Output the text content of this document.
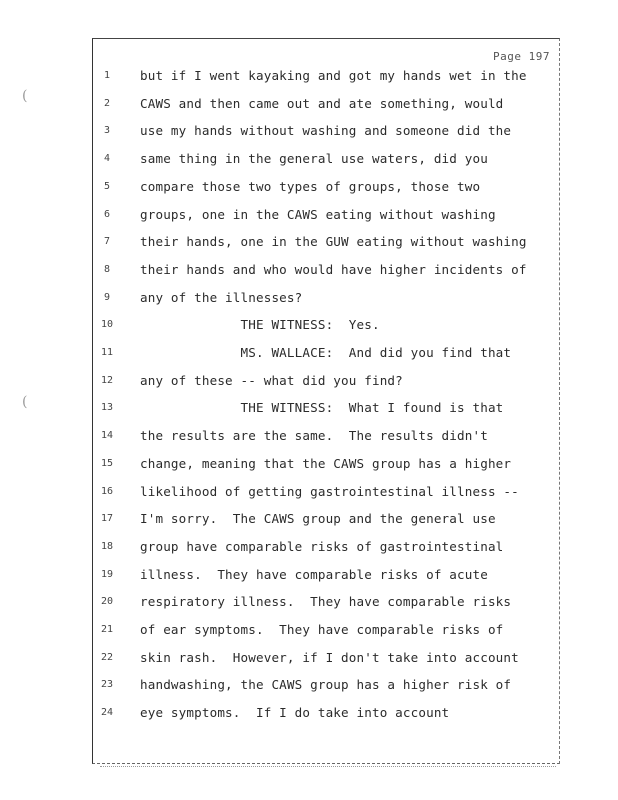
(
(
Page 197
1	but if I went kayaking and got my hands wet in the
2	CAWS and then came out and ate something, would
3	use my hands without washing and someone did the
4	same thing in the general use waters, did you
5	compare those two types of groups, those two
6	groups, one in the CAWS eating without washing
7	their hands, one in the GUW eating without washing
8	their hands and who would have higher incidents of
9	any of the illnesses?
10	THE WITNESS:  Yes.
11	MS. WALLACE:  And did you find that
12	any of these -- what did you find?
13	THE WITNESS:  What I found is that
14	the results are the same.  The results didn't
15	change, meaning that the CAWS group has a higher
16	likelihood of getting gastrointestinal illness --
17	I'm sorry.  The CAWS group and the general use
18	group have comparable risks of gastrointestinal
19	illness.  They have comparable risks of acute
20	respiratory illness.  They have comparable risks
21	of ear symptoms.  They have comparable risks of
22	skin rash.  However, if I don't take into account
23	handwashing, the CAWS group has a higher risk of
24	eye symptoms.  If I do take into account
